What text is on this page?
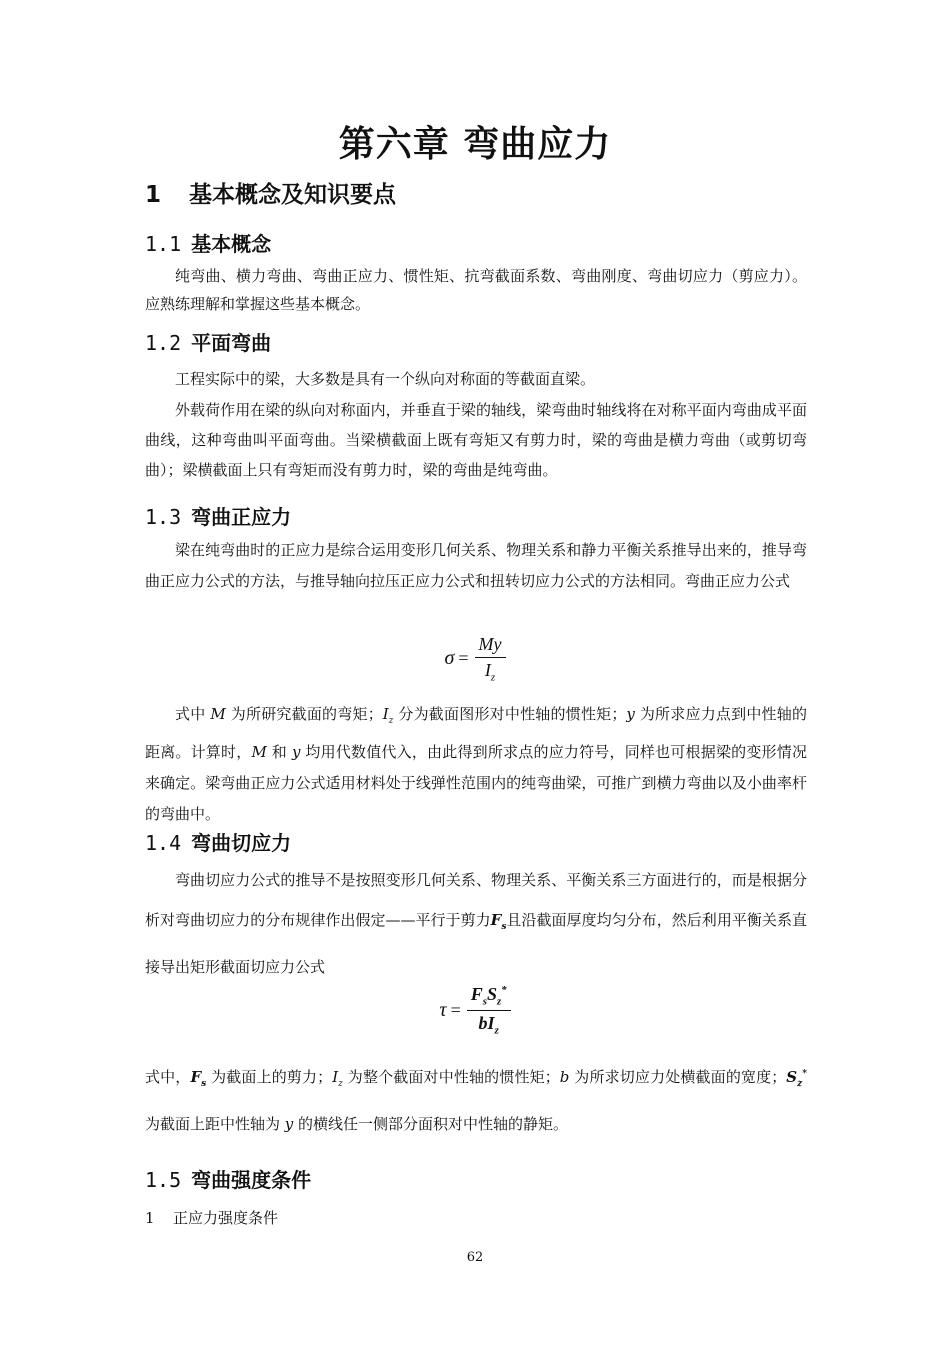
第六章 弯曲应力
1 基本概念及知识要点
1.1 基本概念
纯弯曲、横力弯曲、弯曲正应力、惯性矩、抗弯截面系数、弯曲刚度、弯曲切应力（剪应力）。应熟练理解和掌握这些基本概念。
1.2 平面弯曲
工程实际中的梁，大多数是具有一个纵向对称面的等截面直梁。
外载荷作用在梁的纵向对称面内，并垂直于梁的轴线，梁弯曲时轴线将在对称平面内弯曲成平面曲线，这种弯曲叫平面弯曲。当梁横截面上既有弯矩又有剪力时，梁的弯曲是横力弯曲（或剪切弯曲）；梁横截面上只有弯矩而没有剪力时，梁的弯曲是纯弯曲。
1.3 弯曲正应力
梁在纯弯曲时的正应力是综合运用变形几何关系、物理关系和静力平衡关系推导出来的，推导弯曲正应力公式的方法，与推导轴向拉压正应力公式和扭转切应力公式的方法相同。弯曲正应力公式
$\sigma = \frac{My}{I_z}$
式中 M 为所研究截面的弯矩；$I_z$ 分为截面图形对中性轴的惯性矩；y 为所求应力点到中性轴的距离。计算时，M 和 y 均用代数值代入，由此得到所求点的应力符号，同样也可根据梁的变形情况来确定。梁弯曲正应力公式适用材料处于线弹性范围内的纯弯曲梁，可推广到横力弯曲以及小曲率杆的弯曲中。
1.4 弯曲切应力
弯曲切应力公式的推导不是按照变形几何关系、物理关系、平衡关系三方面进行的，而是根据分析对弯曲切应力的分布规律作出假定——平行于剪力$F_s$且沿截面厚度均匀分布，然后利用平衡关系直接导出矩形截面切应力公式
$\tau = \frac{F_sS_z^*}{bI_z}$
式中，$F_s$ 为截面上的剪力；$I_z$ 为整个截面对中性轴的惯性矩；b 为所求切应力处横截面的宽度；$S_z^*$ 为截面上距中性轴为 y 的横线任一侧部分面积对中性轴的静矩。
1.5 弯曲强度条件
1 正应力强度条件
62
